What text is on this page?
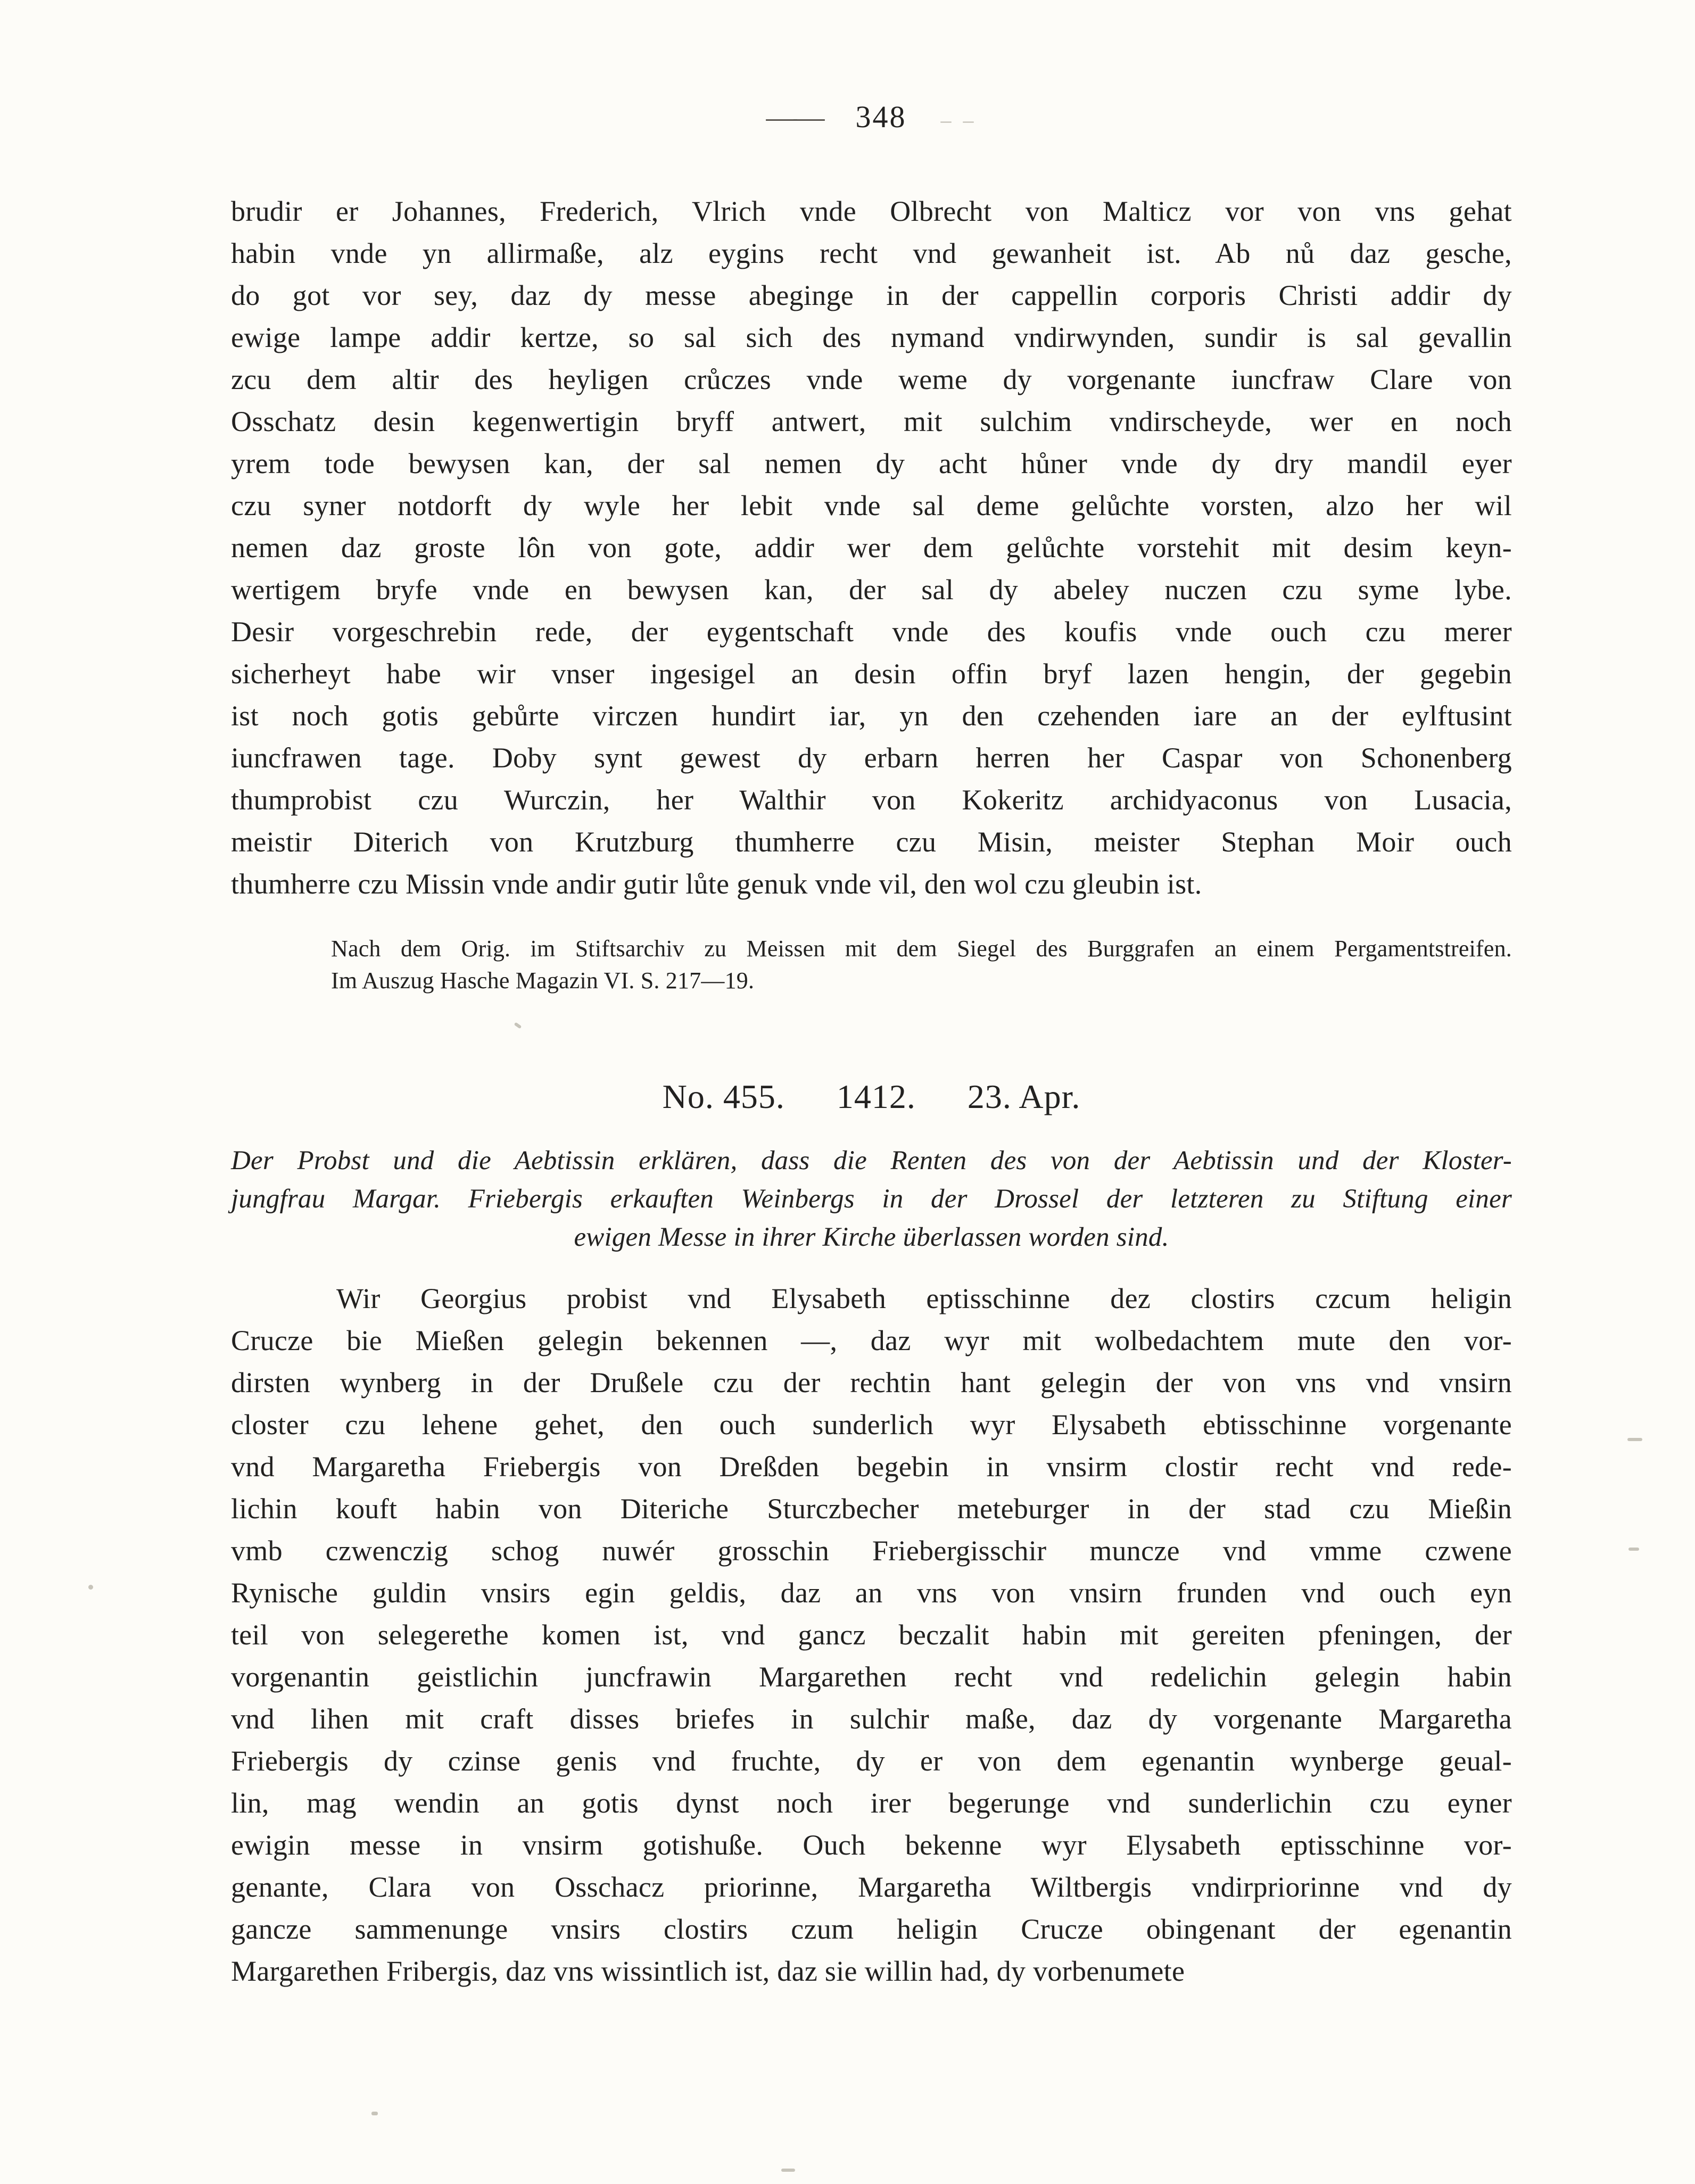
—— 348 – –
brudir er Johannes, Frederich, Vlrich vnde Olbrecht von Malticz vor von vns gehat
habin vnde yn allirmaße, alz eygins recht vnd gewanheit ist. Ab nů daz gesche,
do got vor sey, daz dy messe abeginge in der cappellin corporis Christi addir dy
ewige lampe addir kertze, so sal sich des nymand vndirwynden, sundir is sal gevallin
zcu dem altir des heyligen crůczes vnde weme dy vorgenante iuncfraw Clare von
Osschatz desin kegenwertigin bryff antwert, mit sulchim vndirscheyde, wer en noch
yrem tode bewysen kan, der sal nemen dy acht hůner vnde dy dry mandil eyer
czu syner notdorft dy wyle her lebit vnde sal deme gelůchte vorsten, alzo her wil
nemen daz groste lôn von gote, addir wer dem gelůchte vorstehit mit desim keyn-
wertigem bryfe vnde en bewysen kan, der sal dy abeley nuczen czu syme lybe.
Desir vorgeschrebin rede, der eygentschaft vnde des koufis vnde ouch czu merer
sicherheyt habe wir vnser ingesigel an desin offin bryf lazen hengin, der gegebin
ist noch gotis gebůrte virczen hundirt iar, yn den czehenden iare an der eylftusint
iuncfrawen tage. Doby synt gewest dy erbarn herren her Caspar von Schonenberg
thumprobist czu Wurczin, her Walthir von Kokeritz archidyaconus von Lusacia,
meistir Diterich von Krutzburg thumherre czu Misin, meister Stephan Moir ouch
thumherre czu Missin vnde andir gutir lůte genuk vnde vil, den wol czu gleubin ist.
Nach dem Orig. im Stiftsarchiv zu Meissen mit dem Siegel des Burggrafen an einem Pergamentstreifen.
Im Auszug Hasche Magazin VI. S. 217—19.
No. 455. 1412. 23. Apr.
Der Probst und die Aebtissin erklären, dass die Renten des von der Aebtissin und der Kloster-
jungfrau Margar. Friebergis erkauften Weinbergs in der Drossel der letzteren zu Stiftung einer
ewigen Messe in ihrer Kirche überlassen worden sind.
Wir Georgius probist vnd Elysabeth eptisschinne dez clostirs czcum heligin
Crucze bie Mießen gelegin bekennen —, daz wyr mit wolbedachtem mute den vor-
dirsten wynberg in der Drußele czu der rechtin hant gelegin der von vns vnd vnsirn
closter czu lehene gehet, den ouch sunderlich wyr Elysabeth ebtisschinne vorgenante
vnd Margaretha Friebergis von Dreßden begebin in vnsirm clostir recht vnd rede-
lichin kouft habin von Diteriche Sturczbecher meteburger in der stad czu Mießin
vmb czwenczig schog nuwér grosschin Friebergisschir muncze vnd vmme czwene
Rynische guldin vnsirs egin geldis, daz an vns von vnsirn frunden vnd ouch eyn
teil von selegerethe komen ist, vnd gancz beczalit habin mit gereiten pfeningen, der
vorgenantin geistlichin juncfrawin Margarethen recht vnd redelichin gelegin habin
vnd lihen mit craft disses briefes in sulchir maße, daz dy vorgenante Margaretha
Friebergis dy czinse genis vnd fruchte, dy er von dem egenantin wynberge geual-
lin, mag wendin an gotis dynst noch irer begerunge vnd sunderlichin czu eyner
ewigin messe in vnsirm gotishuße. Ouch bekenne wyr Elysabeth eptisschinne vor-
genante, Clara von Osschacz priorinne, Margaretha Wiltbergis vndirpriorinne vnd dy
gancze sammenunge vnsirs clostirs czum heligin Crucze obingenant der egenantin
Margarethen Fribergis, daz vns wissintlich ist, daz sie willin had, dy vorbenumete
